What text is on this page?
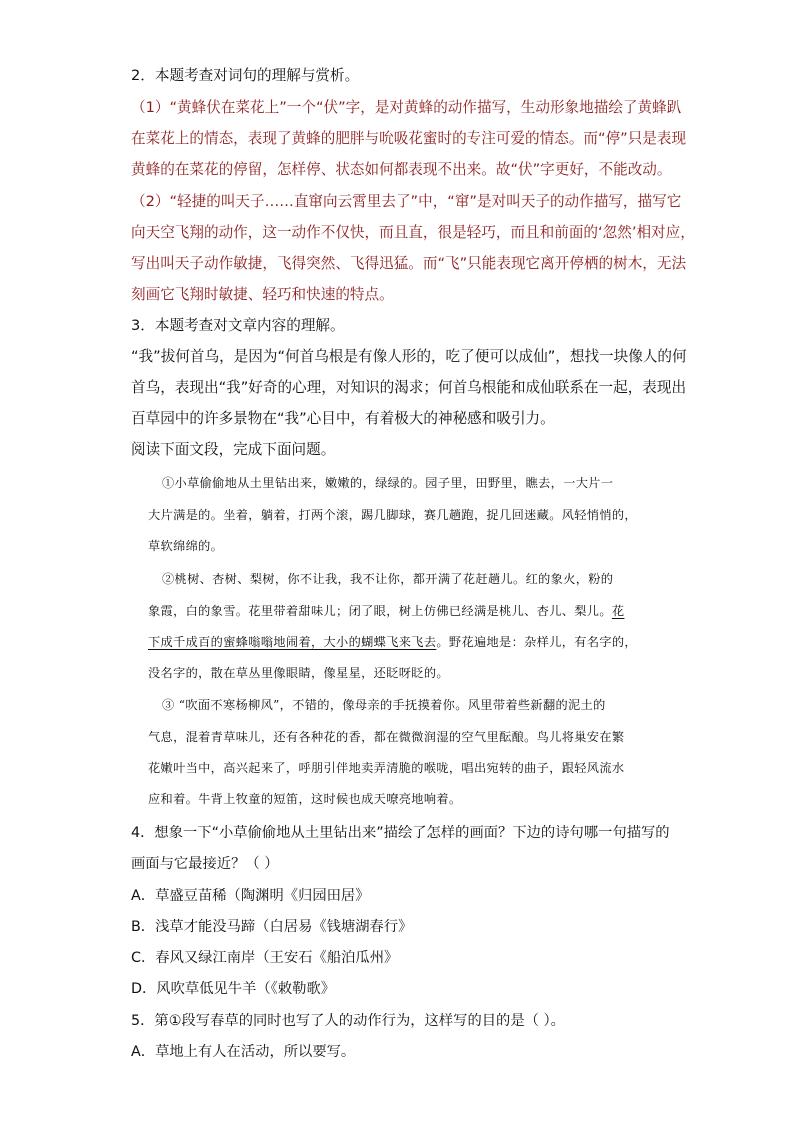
2．本题考查对词句的理解与赏析。
（1）“黄蜂伏在菜花上”一个“伏”字，是对黄蜂的动作描写，生动形象地描绘了黄蜂趴
在菜花上的情态，表现了黄蜂的肥胖与吮吸花蜜时的专注可爱的情态。而“停”只是表现
黄蜂的在菜花的停留，怎样停、状态如何都表现不出来。故“伏”字更好，不能改动。
（2）“轻捷的叫天子……直窜向云霄里去了”中，“窜”是对叫天子的动作描写，描写它
向天空飞翔的动作，这一动作不仅快，而且直，很是轻巧，而且和前面的‘忽然’相对应，
写出叫天子动作敏捷，飞得突然、飞得迅猛。而“飞”只能表现它离开停栖的树木，无法
刻画它飞翔时敏捷、轻巧和快速的特点。
3．本题考查对文章内容的理解。
“我”拔何首乌，是因为“何首乌根是有像人形的，吃了便可以成仙”，想找一块像人的何
首乌，表现出“我”好奇的心理，对知识的渴求；何首乌根能和成仙联系在一起，表现出
百草园中的许多景物在“我”心目中，有着极大的神秘感和吸引力。
阅读下面文段，完成下面问题。
①小草偷偷地从土里钻出来，嫩嫩的，绿绿的。园子里，田野里，瞧去，一大片一
大片满是的。坐着，躺着，打两个滚，踢几脚球，赛几趟跑，捉几回迷藏。风轻悄悄的，
草软绵绵的。
②桃树、杏树、梨树，你不让我，我不让你，都开满了花赶趟儿。红的象火，粉的
象霞，白的象雪。花里带着甜味儿；闭了眼，树上仿佛已经满是桃儿、杏儿、梨儿。花
下成千成百的蜜蜂嗡嗡地闹着，大小的蝴蝶飞来飞去。野花遍地是：杂样儿，有名字的，
没名字的，散在草丛里像眼睛，像星星，还眨呀眨的。
③ “吹面不寒杨柳风”，不错的，像母亲的手抚摸着你。风里带着些新翻的泥土的
气息，混着青草味儿，还有各种花的香，都在微微润湿的空气里酝酿。鸟儿将巢安在繁
花嫩叶当中，高兴起来了，呼朋引伴地卖弄清脆的喉咙，唱出宛转的曲子，跟轻风流水
应和着。牛背上牧童的短笛，这时候也成天嘹亮地响着。
4．想象一下“小草偷偷地从土里钻出来”描绘了怎样的画面？下边的诗句哪一句描写的
画面与它最接近？（ ）
A．草盛豆苗稀（陶渊明《归园田居》
B．浅草才能没马蹄（白居易《钱塘湖春行》
C．春风又绿江南岸（王安石《船泊瓜州》
D．风吹草低见牛羊（《敕勒歌》
5．第①段写春草的同时也写了人的动作行为，这样写的目的是（ ）。
A．草地上有人在活动，所以要写。
